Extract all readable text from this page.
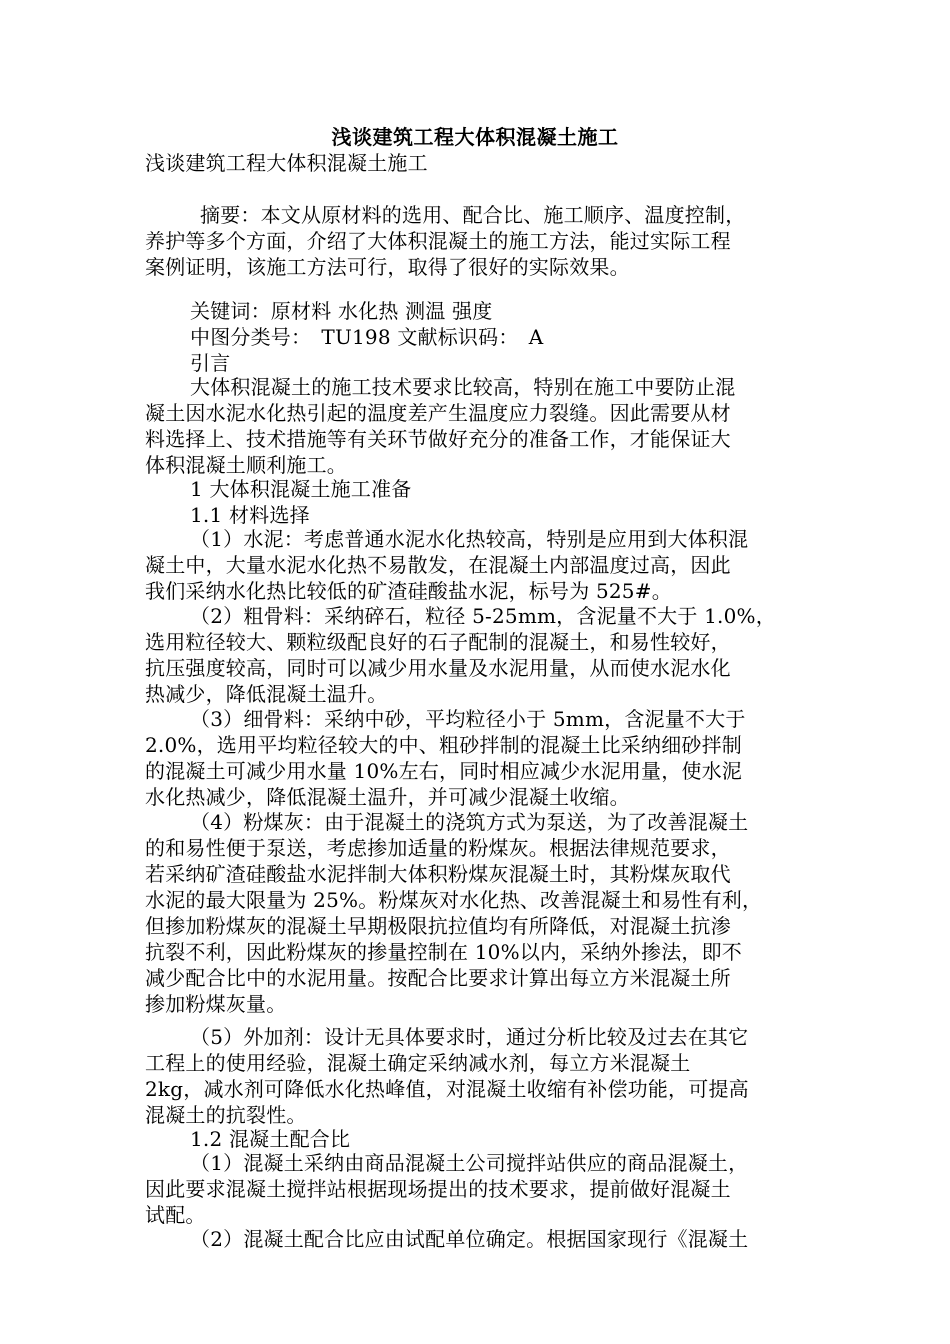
浅谈建筑工程大体积混凝土施工
浅谈建筑工程大体积混凝土施工
摘要：本文从原材料的选用、配合比、施工顺序、温度控制，
养护等多个方面，介绍了大体积混凝土的施工方法，能过实际工程
案例证明，该施工方法可行，取得了很好的实际效果。
关键词：原材料 水化热 测温 强度
中图分类号：　TU198 文献标识码：　A
引言
大体积混凝土的施工技术要求比较高，特别在施工中要防止混
凝土因水泥水化热引起的温度差产生温度应力裂缝。因此需要从材
料选择上、技术措施等有关环节做好充分的准备工作，才能保证大
体积混凝土顺利施工。
1 大体积混凝土施工准备
1.1 材料选择
（1）水泥：考虑普通水泥水化热较高，特别是应用到大体积混
凝土中，大量水泥水化热不易散发，在混凝土内部温度过高，因此
我们采纳水化热比较低的矿渣硅酸盐水泥，标号为 525#。
（2）粗骨料：采纳碎石，粒径 5-25mm，含泥量不大于 1.0%，
选用粒径较大、颗粒级配良好的石子配制的混凝土，和易性较好，
抗压强度较高，同时可以减少用水量及水泥用量，从而使水泥水化
热减少，降低混凝土温升。
（3）细骨料：采纳中砂，平均粒径小于 5mm，含泥量不大于
2.0%，选用平均粒径较大的中、粗砂拌制的混凝土比采纳细砂拌制
的混凝土可减少用水量 10%左右，同时相应减少水泥用量，使水泥
水化热减少，降低混凝土温升，并可减少混凝土收缩。
（4）粉煤灰：由于混凝土的浇筑方式为泵送，为了改善混凝土
的和易性便于泵送，考虑掺加适量的粉煤灰。根据法律规范要求，
若采纳矿渣硅酸盐水泥拌制大体积粉煤灰混凝土时，其粉煤灰取代
水泥的最大限量为 25%。粉煤灰对水化热、改善混凝土和易性有利，
但掺加粉煤灰的混凝土早期极限抗拉值均有所降低，对混凝土抗渗
抗裂不利，因此粉煤灰的掺量控制在 10%以内，采纳外掺法，即不
减少配合比中的水泥用量。按配合比要求计算出每立方米混凝土所
掺加粉煤灰量。
（5）外加剂：设计无具体要求时，通过分析比较及过去在其它
工程上的使用经验，混凝土确定采纳减水剂，每立方米混凝土
2kg，减水剂可降低水化热峰值，对混凝土收缩有补偿功能，可提高
混凝土的抗裂性。
1.2 混凝土配合比
（1）混凝土采纳由商品混凝土公司搅拌站供应的商品混凝土，
因此要求混凝土搅拌站根据现场提出的技术要求，提前做好混凝土
试配。
（2）混凝土配合比应由试配单位确定。根据国家现行《混凝土
